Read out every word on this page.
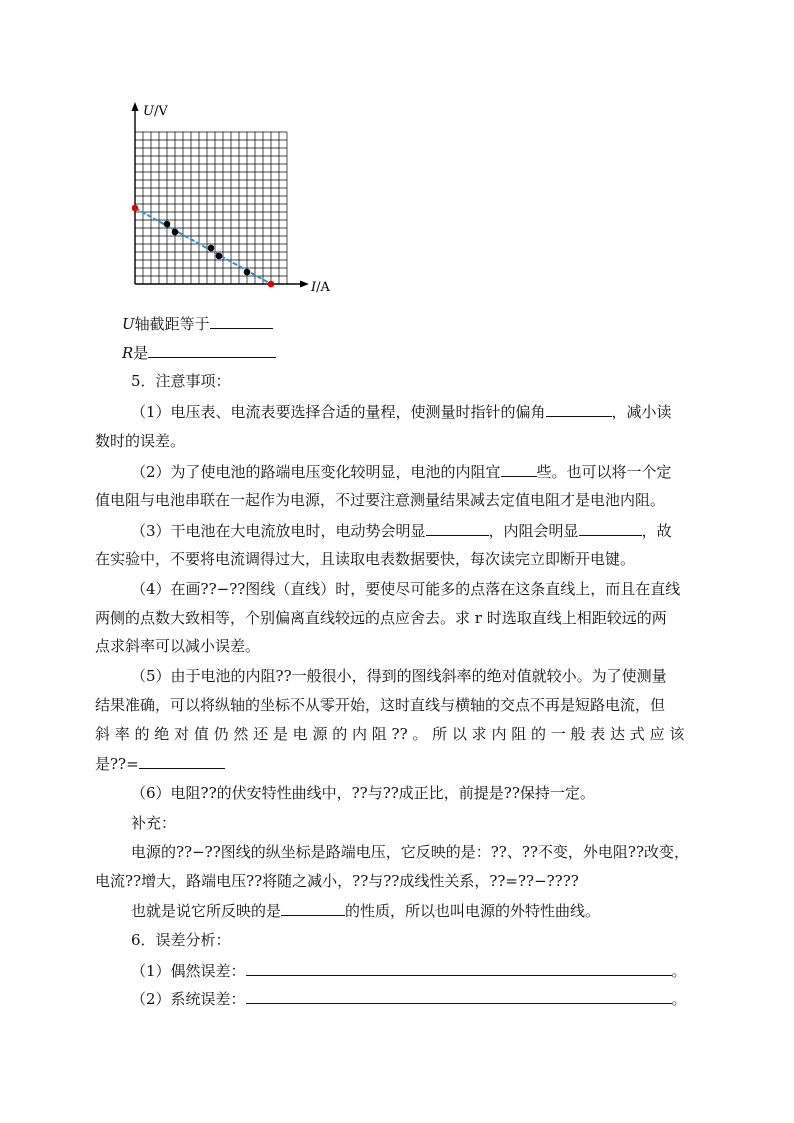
U/V
I/A
U轴截距等于
R是
5．注意事项：
（1）电压表、电流表要选择合适的量程，使测量时指针的偏角	，减小读
数时的误差。
（2）为了使电池的路端电压变化较明显，电池的内阻宜 些。也可以将一个定
值电阻与电池串联在一起作为电源，不过要注意测量结果减去定值电阻才是电池内阻。
（3）干电池在大电流放电时，电动势会明显	，内阻会明显	，故
在实验中，不要将电流调得过大，且读取电表数据要快，每次读完立即断开电键。
（4）在画??−??图线（直线）时，要使尽可能多的点落在这条直线上，而且在直线
两侧的点数大致相等，个别偏离直线较远的点应舍去。求 r 时选取直线上相距较远的两
点求斜率可以减小误差。
（5）由于电池的内阻??一般很小，得到的图线斜率的绝对值就较小。为了使测量
结果准确，可以将纵轴的坐标不从零开始，这时直线与横轴的交点不再是短路电流，但
斜 率 的 绝 对 值 仍 然 还 是 电 源 的 内 阻 ?? 。 所 以 求 内 阻 的 一 般 表 达 式 应 该
是??=
（6）电阻??的伏安特性曲线中，??与??成正比，前提是??保持一定。
补充：
电源的??−??图线的纵坐标是路端电压，它反映的是：??、??不变，外电阻??改变，
电流??增大，路端电压??将随之减小，??与??成线性关系，??=??−????
也就是说它所反映的是	的性质，所以也叫电源的外特性曲线。
6．误差分析：
（1）偶然误差：	。
（2）系统误差：	。
